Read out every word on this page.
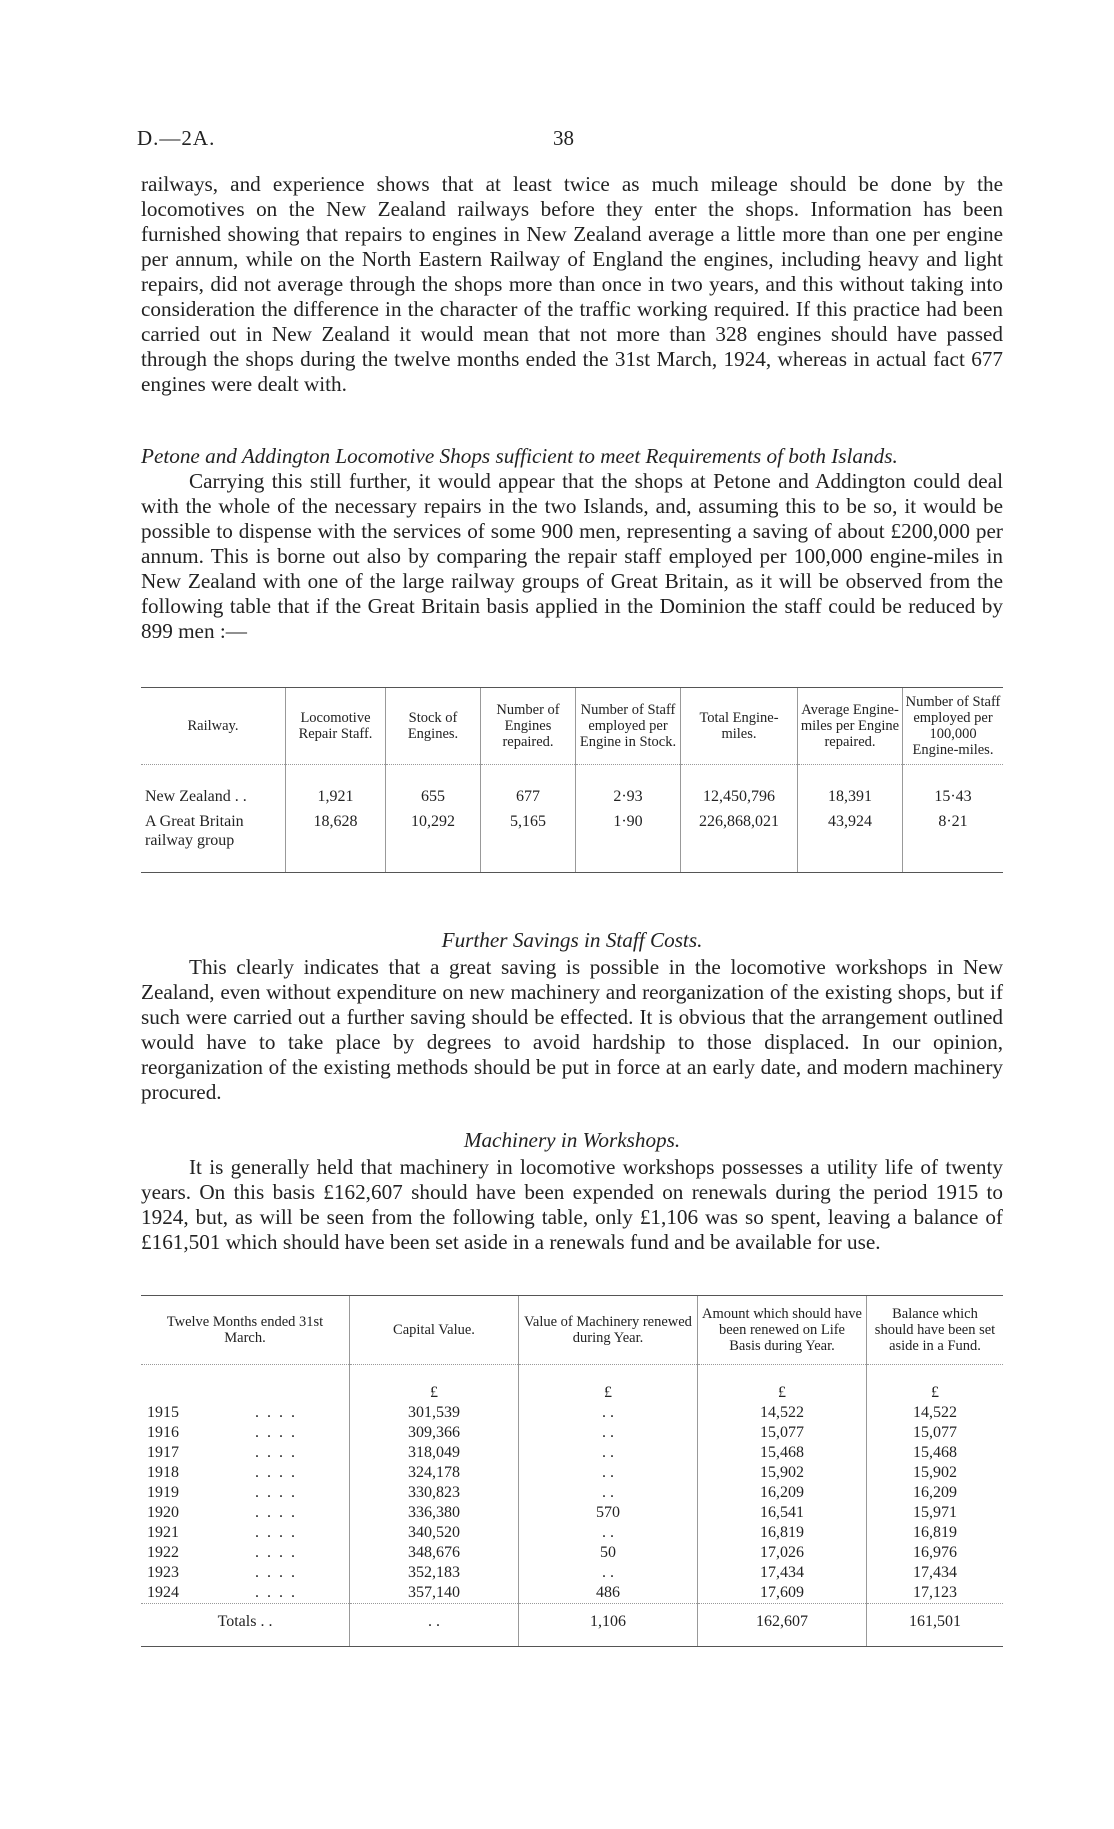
D.—2A.	38

railways, and experience shows that at least twice as much mileage should be done by the locomotives on the New Zealand railways before they enter the shops. Information has been furnished showing that repairs to engines in New Zealand average a little more than one per engine per annum, while on the North Eastern Railway of England the engines, including heavy and light repairs, did not average through the shops more than once in two years, and this without taking into consideration the difference in the character of the traffic working required. If this practice had been carried out in New Zealand it would mean that not more than 328 engines should have passed through the shops during the twelve months ended the 31st March, 1924, whereas in actual fact 677 engines were dealt with.

Petone and Addington Locomotive Shops sufficient to meet Requirements of both Islands.

Carrying this still further, it would appear that the shops at Petone and Addington could deal with the whole of the necessary repairs in the two Islands, and, assuming this to be so, it would be possible to dispense with the services of some 900 men, representing a saving of about £200,000 per annum. This is borne out also by comparing the repair staff employed per 100,000 engine-miles in New Zealand with one of the large railway groups of Great Britain, as it will be observed from the following table that if the Great Britain basis applied in the Dominion the staff could be reduced by 899 men :—

Railway.	Locomotive Repair Staff.	Stock of Engines.	Number of Engines repaired.	Number of Staff employed per Engine in Stock.	Total Engine-miles.	Average Engine-miles per Engine repaired.	Number of Staff employed per 100,000 Engine-miles.
New Zealand . .	1,921	655	677	2·93	12,450,796	18,391	15·43
A Great Britain railway group	18,628	10,292	5,165	1·90	226,868,021	43,924	8·21

Further Savings in Staff Costs.

This clearly indicates that a great saving is possible in the locomotive workshops in New Zealand, even without expenditure on new machinery and reorganization of the existing shops, but if such were carried out a further saving should be effected. It is obvious that the arrangement outlined would have to take place by degrees to avoid hardship to those displaced. In our opinion, reorganization of the existing methods should be put in force at an early date, and modern machinery procured.

Machinery in Workshops.

It is generally held that machinery in locomotive workshops possesses a utility life of twenty years. On this basis £162,607 should have been expended on renewals during the period 1915 to 1924, but, as will be seen from the following table, only £1,106 was so spent, leaving a balance of £161,501 which should have been set aside in a renewals fund and be available for use.

Twelve Months ended 31st March.	Capital Value.	Value of Machinery renewed during Year.	Amount which should have been renewed on Life Basis during Year.	Balance which should have been set aside in a Fund.
	£	£	£	£
1915 . . . .	301,539	. .	14,522	14,522
1916 . . . .	309,366	. .	15,077	15,077
1917 . . . .	318,049	. .	15,468	15,468
1918 . . . .	324,178	. .	15,902	15,902
1919 . . . .	330,823	. .	16,209	16,209
1920 . . . .	336,380	570	16,541	15,971
1921 . . . .	340,520	. .	16,819	16,819
1922 . . . .	348,676	50	17,026	16,976
1923 . . . .	352,183	. .	17,434	17,434
1924 . . . .	357,140	486	17,609	17,123
Totals . .	. .	1,106	162,607	161,501
